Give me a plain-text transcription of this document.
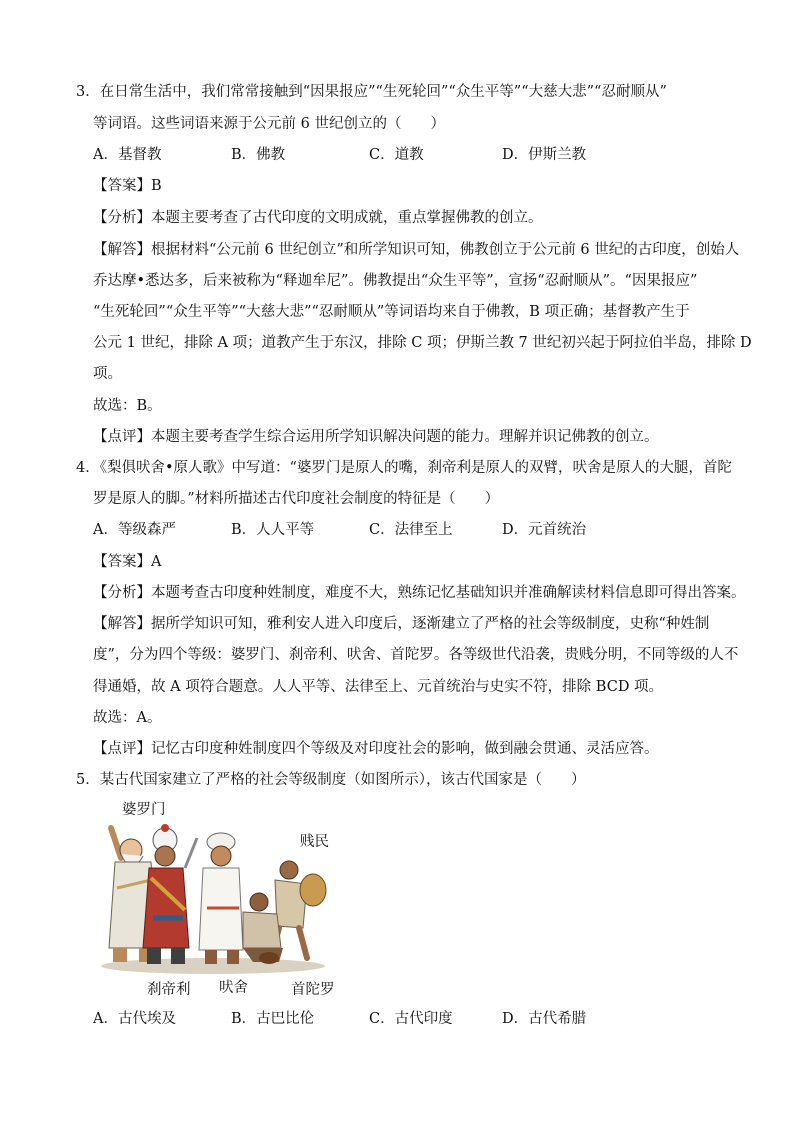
3．在日常生活中，我们常常接触到“因果报应”“生死轮回”“众生平等”“大慈大悲”“忍耐顺从”
等词语。这些词语来源于公元前 6 世纪创立的（　　）
A．基督教	B．佛教	C．道教	D．伊斯兰教
【答案】B
【分析】本题主要考查了古代印度的文明成就，重点掌握佛教的创立。
【解答】根据材料“公元前 6 世纪创立”和所学知识可知，佛教创立于公元前 6 世纪的古印度，创始人
乔达摩•悉达多，后来被称为“释迦牟尼”。佛教提出“众生平等”，宣扬“忍耐顺从”。“因果报应”
“生死轮回”“众生平等”“大慈大悲”“忍耐顺从”等词语均来自于佛教，B 项正确；基督教产生于
公元 1 世纪，排除 A 项；道教产生于东汉，排除 C 项；伊斯兰教 7 世纪初兴起于阿拉伯半岛，排除 D
项。
故选：B。
【点评】本题主要考查学生综合运用所学知识解决问题的能力。理解并识记佛教的创立。
4．《梨俱吠舍•原人歌》中写道：“婆罗门是原人的嘴，刹帝利是原人的双臂，吠舍是原人的大腿，首陀
罗是原人的脚。”材料所描述古代印度社会制度的特征是（　　）
A．等级森严	B．人人平等	C．法律至上	D．元首统治
【答案】A
【分析】本题考查古印度种姓制度，难度不大，熟练记忆基础知识并准确解读材料信息即可得出答案。
【解答】据所学知识可知，雅利安人进入印度后，逐渐建立了严格的社会等级制度，史称“种姓制
度”，分为四个等级：婆罗门、刹帝利、吠舍、首陀罗。各等级世代沿袭，贵贱分明，不同等级的人不
得通婚，故 A 项符合题意。人人平等、法律至上、元首统治与史实不符，排除 BCD 项。
故选：A。
【点评】记忆古印度种姓制度四个等级及对印度社会的影响，做到融会贯通、灵活应答。
5．某古代国家建立了严格的社会等级制度（如图所示），该古代国家是（　　）
婆罗门
贱民
刹帝利 吠舍	首陀罗
A．古代埃及	B．古巴比伦	C．古代印度	D．古代希腊
